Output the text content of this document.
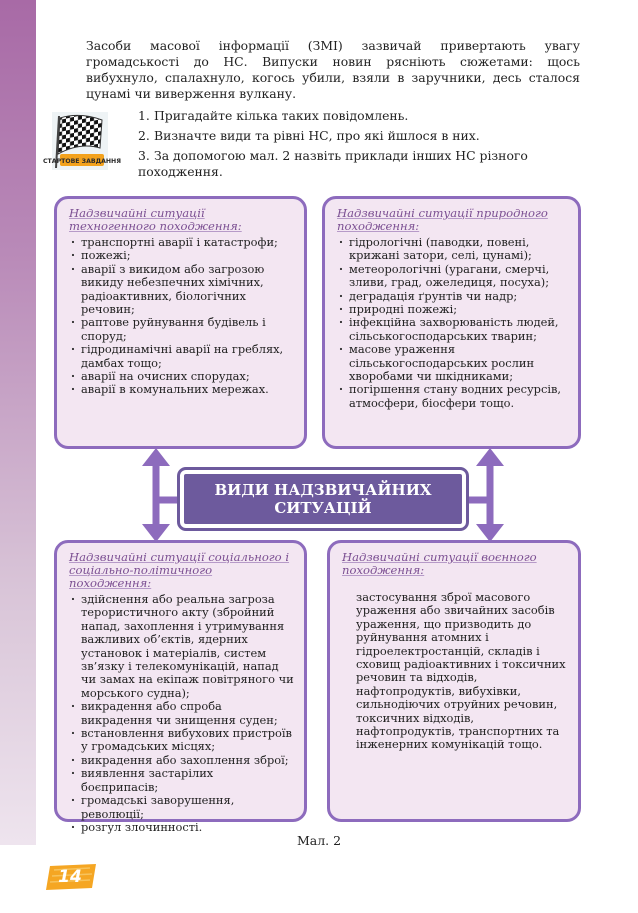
Засоби масової інформації (ЗМІ) зазвичай привертають увагу громадськості до НС. Випуски новин рясніють сюжетами: щось вибухнуло, спалахнуло, когось убили, взяли в заручники, десь сталося цунамі чи виверження вулкану.

СТАРТОВЕ ЗАВДАННЯ
1. Пригадайте кілька таких повідомлень.
2. Визначте види та рівні НС, про які йшлося в них.
3. За допомогою мал. 2 назвіть приклади інших НС різного походження.

Надзвичайні ситуації техногенного походження:

· транспортні аварії і катастрофи;
· пожежі;
· аварії з викидом або загрозою викиду небезпечних хімічних, радіоактивних, біологічних речовин;
· раптове руйнування будівель і споруд;
· гідродинамічні аварії на греблях, дамбах тощо;
· аварії на очисних спорудах;
· аварії в комунальних мережах.

Надзвичайні ситуації природного походження:

· гідрологічні (паводки, повені, крижані затори, селі, цунамі);
· метеорологічні (урагани, смерчі, зливи, град, ожеледиця, посуха);
· деградація ґрунтів чи надр;
· природні пожежі;
· інфекційна захворюваність людей, сільськогосподарських тварин;
· масове ураження сільськогосподарських рослин хворобами чи шкідниками;
· погіршення стану водних ресурсів, атмосфери, біосфери тощо.
ВИДИ НАДЗВИЧАЙНИХ
СИТУАЦІЙ

Надзвичайні ситуації соціального і соціально-політичного походження:

· здійснення або реальна загроза терористичного акту (збройний напад, захоплення і утримування важливих об’єктів, ядерних установок і матеріалів, систем зв’язку і телекомунікацій, напад чи замах на екіпаж повітряного чи морського судна);
· викрадення або спроба викрадення чи знищення суден;
· встановлення вибухових пристроїв у громадських місцях;
· викрадення або захоплення зброї;
· виявлення застарілих боєприпасів;
· громадські заворушення, революції;
· розгул злочинності.

Надзвичайні ситуації воєнного походження:

застосування зброї масового ураження або звичайних засобів ураження, що призводить до руйнування атомних і гідроелектростанцій, складів і сховищ радіоактивних і токсичних речовин та відходів, нафтопродуктів, вибухівки, сильнодіючих отруйних речовин, токсичних відходів, нафтопродуктів, транспортних та інженерних комунікацій тощо.

Мал. 2
14
